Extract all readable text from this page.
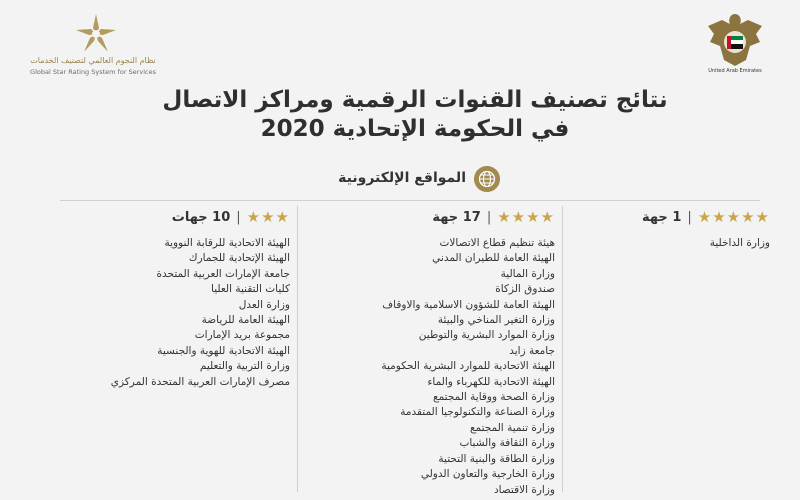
نظام النجوم العالمي لتصنيف الخدمات
Global Star Rating System for Services	United Arab Emirates
نتائج تصنيف القنوات الرقمية ومراكز الاتصال
في الحكومة الإتحادية 2020
المواقع الإلكترونية
★★★★★
|
1 جهة
وزارة الداخلية
★★★★
|
17 جهة
هيئة تنظيم قطاع الاتصالات
الهيئة العامة للطيران المدني
وزارة المالية
صندوق الزكاة
الهيئة العامة للشؤون الاسلامية والاوقاف
وزارة التغير المناخي والبيئة
وزارة الموارد البشرية والتوطين
جامعة زايد
الهيئة الاتحادية للموارد البشرية الحكومية
الهيئة الاتحادية للكهرباء والماء
وزارة الصحة ووقاية المجتمع
وزارة الصناعة والتكنولوجيا المتقدمة
وزارة تنمية المجتمع
وزارة الثقافة والشباب
وزارة الطاقة والبنية التحتية
وزارة الخارجية والتعاون الدولي
وزارة الاقتصاد
★★★
|
10 جهات
الهيئة الاتحادية للرقابة النووية
الهيئة الإتحادية للجمارك
جامعة الإمارات العربية المتحدة
كليات التقنية العليا
وزارة العدل
الهيئة العامة للرياضة
مجموعة بريد الإمارات
الهيئة الاتحادية للهوية والجنسية
وزارة التربية والتعليم
مصرف الإمارات العربية المتحدة المركزي
